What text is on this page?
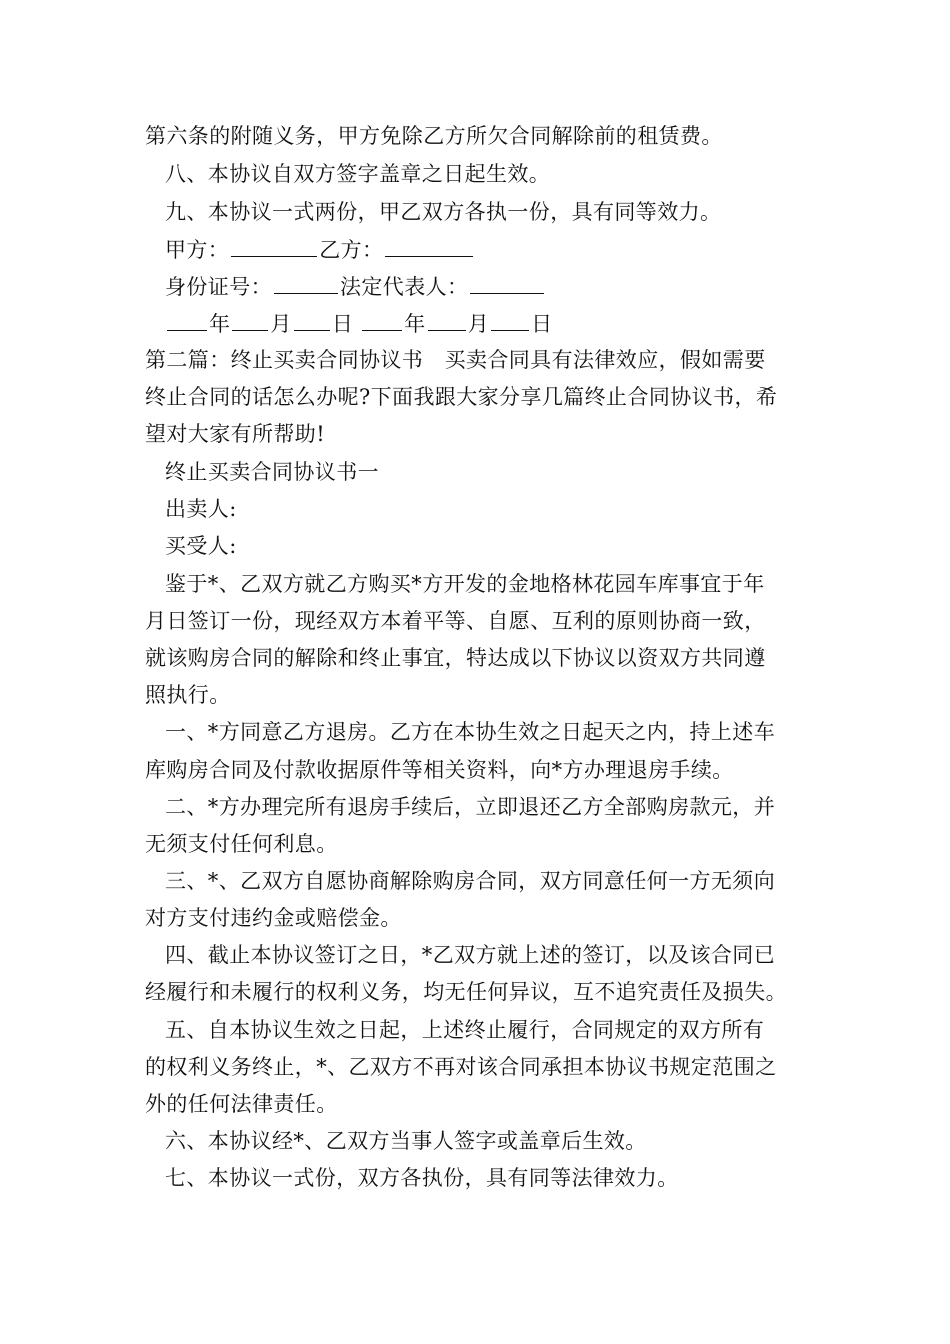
第六条的附随义务，甲方免除乙方所欠合同解除前的租赁费。
八、本协议自双方签字盖章之日起生效。
九、本协议一式两份，甲乙双方各执一份，具有同等效力。
甲方：	乙方：
身份证号：	法定代表人：
年 月 日 年 月 日
第二篇：终止买卖合同协议书　买卖合同具有法律效应，假如需要
终止合同的话怎么办呢?下面我跟大家分享几篇终止合同协议书，希
望对大家有所帮助!
终止买卖合同协议书一
出卖人:
买受人:
鉴于*、乙双方就乙方购买*方开发的金地格林花园车库事宜于年
月日签订一份，现经双方本着平等、自愿、互利的原则协商一致，
就该购房合同的解除和终止事宜，特达成以下协议以资双方共同遵
照执行。
一、*方同意乙方退房。乙方在本协生效之日起天之内，持上述车
库购房合同及付款收据原件等相关资料，向*方办理退房手续。
二、*方办理完所有退房手续后，立即退还乙方全部购房款元，并
无须支付任何利息。
三、*、乙双方自愿协商解除购房合同，双方同意任何一方无须向
对方支付违约金或赔偿金。
四、截止本协议签订之日，*乙双方就上述的签订，以及该合同已
经履行和未履行的权利义务，均无任何异议，互不追究责任及损失。
五、自本协议生效之日起，上述终止履行，合同规定的双方所有
的权利义务终止，*、乙双方不再对该合同承担本协议书规定范围之
外的任何法律责任。
六、本协议经*、乙双方当事人签字或盖章后生效。
七、本协议一式份，双方各执份，具有同等法律效力。
